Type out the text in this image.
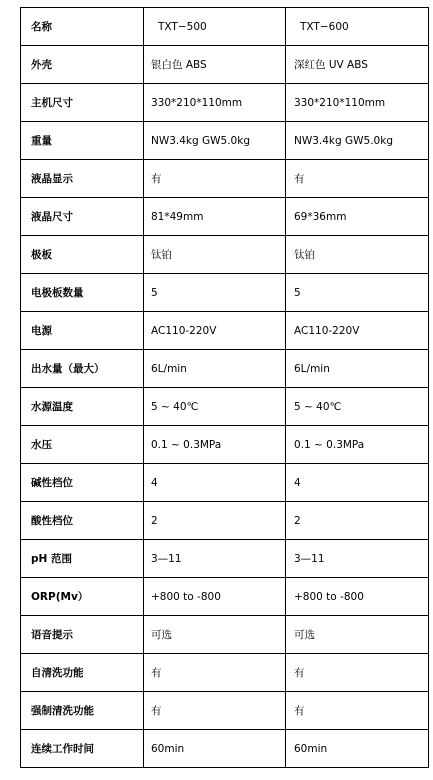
名称	TXT−500	TXT−600
外壳	银白色 ABS	深红色 UV ABS
主机尺寸	330*210*110mm	330*210*110mm
重量	NW3.4kg GW5.0kg	NW3.4kg GW5.0kg
液晶显示	有	有
液晶尺寸	81*49mm	69*36mm
极板	钛铂	钛铂
电极板数量	5	5
电源	AC110-220V	AC110-220V
出水量（最大）	6L/min	6L/min
水源温度	5 ~ 40℃	5 ~ 40℃
水压	0.1 ~ 0.3MPa	0.1 ~ 0.3MPa
碱性档位	4	4
酸性档位	2	2
pH 范围	3—11	3—11
ORP(Mv）	+800 to -800	+800 to -800
语音提示	可选	可选
自清洗功能	有	有
强制清洗功能	有	有
连续工作时间	60min	60min
